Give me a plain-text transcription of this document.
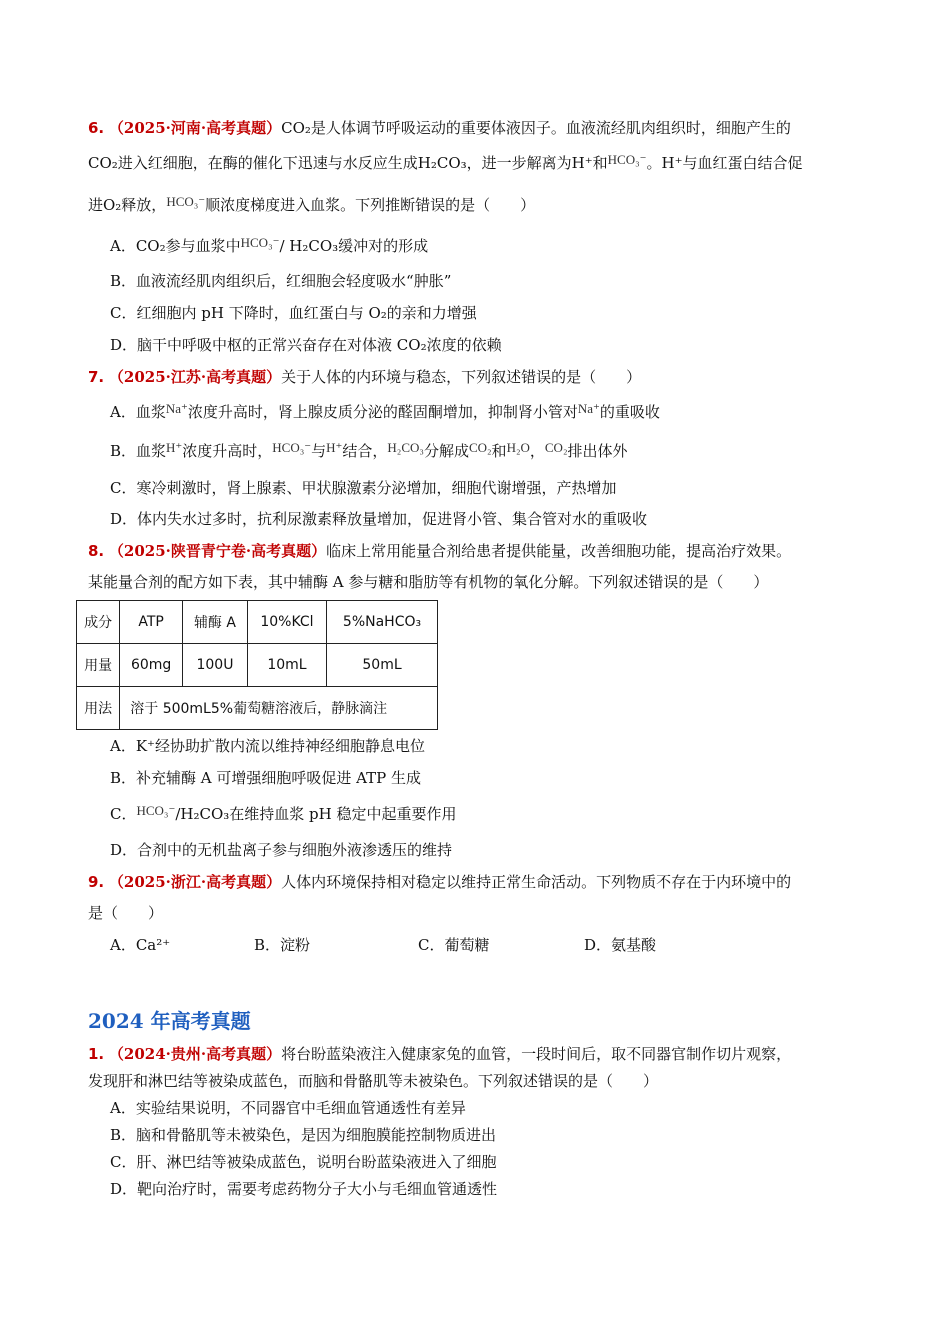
6. （2025·河南·高考真题）CO₂是人体调节呼吸运动的重要体液因子。血液流经肌肉组织时，细胞产生的
CO₂进入红细胞，在酶的催化下迅速与水反应生成H₂CO₃，进一步解离为H⁺和HCO₃⁻。H⁺与血红蛋白结合促
进O₂释放，HCO₃⁻顺浓度梯度进入血浆。下列推断错误的是（　　）
A．CO₂参与血浆中HCO₃⁻/ H₂CO₃缓冲对的形成
B．血液流经肌肉组织后，红细胞会轻度吸水“肿胀”
C．红细胞内 pH 下降时，血红蛋白与 O₂的亲和力增强
D．脑干中呼吸中枢的正常兴奋存在对体液 CO₂浓度的依赖
7. （2025·江苏·高考真题）关于人体的内环境与稳态，下列叙述错误的是（　　）
A．血浆Na⁺浓度升高时，肾上腺皮质分泌的醛固酮增加，抑制肾小管对Na⁺的重吸收
B．血浆H⁺浓度升高时，HCO₃⁻与H⁺结合，H₂CO₃分解成CO₂和H₂O，CO₂排出体外
C．寒冷刺激时，肾上腺素、甲状腺激素分泌增加，细胞代谢增强，产热增加
D．体内失水过多时，抗利尿激素释放量增加，促进肾小管、集合管对水的重吸收
8. （2025·陕晋青宁卷·高考真题）临床上常用能量合剂给患者提供能量，改善细胞功能，提高治疗效果。
某能量合剂的配方如下表，其中辅酶 A 参与糖和脂肪等有机物的氧化分解。下列叙述错误的是（　　）
成分	ATP	辅酶 A	10%KCl	5%NaHCO₃
用量	60mg	100U	10mL	50mL
用法	溶于 500mL5%葡萄糖溶液后，静脉滴注			
A．K⁺经协助扩散内流以维持神经细胞静息电位
B．补充辅酶 A 可增强细胞呼吸促进 ATP 生成
C．HCO₃⁻/H₂CO₃在维持血浆 pH 稳定中起重要作用
D．合剂中的无机盐离子参与细胞外液渗透压的维持
9. （2025·浙江·高考真题）人体内环境保持相对稳定以维持正常生命活动。下列物质不存在于内环境中的
是（　　）
A．Ca²⁺	B．淀粉	C．葡萄糖	D．氨基酸
2024 年高考真题
1. （2024·贵州·高考真题）将台盼蓝染液注入健康家兔的血管，一段时间后，取不同器官制作切片观察，
发现肝和淋巴结等被染成蓝色，而脑和骨骼肌等未被染色。下列叙述错误的是（　　）
A．实验结果说明，不同器官中毛细血管通透性有差异
B．脑和骨骼肌等未被染色，是因为细胞膜能控制物质进出
C．肝、淋巴结等被染成蓝色，说明台盼蓝染液进入了细胞
D．靶向治疗时，需要考虑药物分子大小与毛细血管通透性
